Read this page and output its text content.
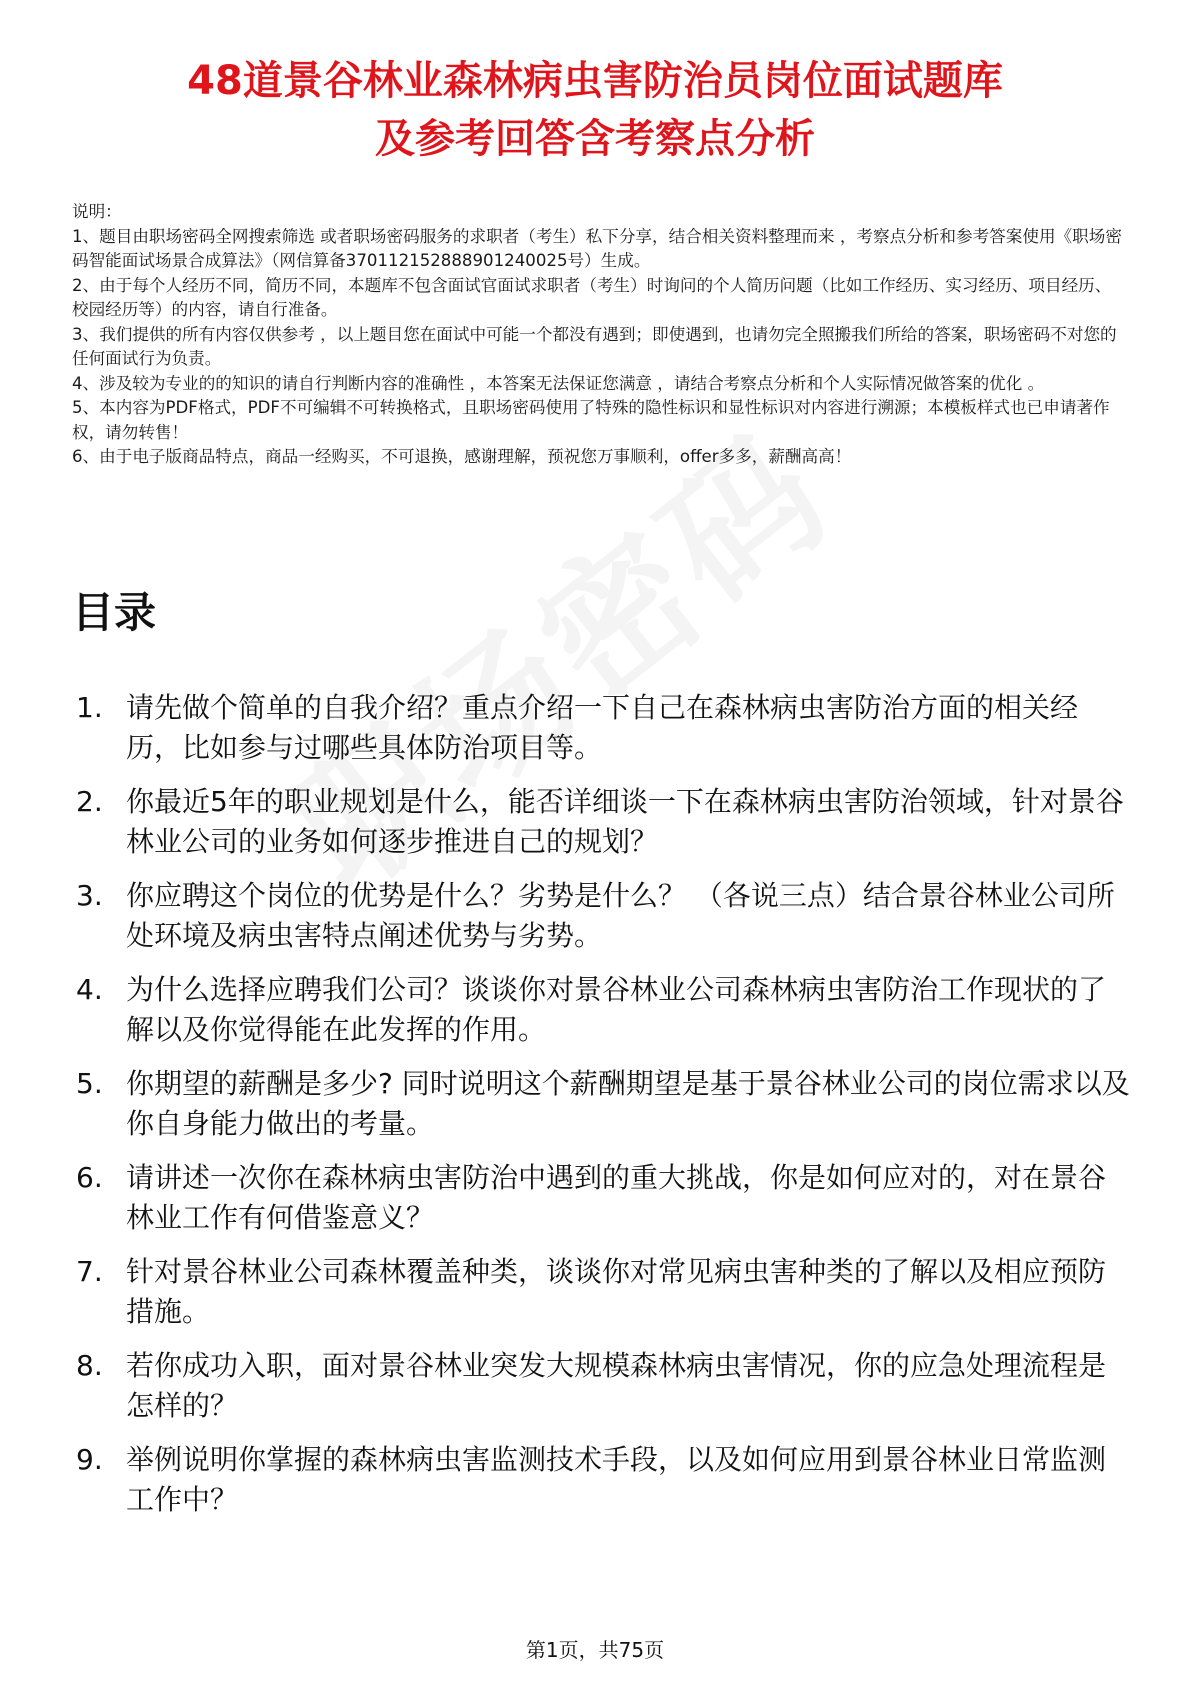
48道景谷林业森林病虫害防治员岗位面试题库
及参考回答含考察点分析

说明：

1、题目由职场密码全网搜索筛选 或者职场密码服务的求职者（考生）私下分享，结合相关资料整理而来 ，考察点分析和参考答案使用《职场密码智能面试场景合成算法》（网信算备370112152888901240025号）生成。

2、由于每个人经历不同，简历不同，本题库不包含面试官面试求职者（考生）时询问的个人简历问题（比如工作经历、实习经历、项目经历、校园经历等）的内容，请自行准备。

3、我们提供的所有内容仅供参考 ，以上题目您在面试中可能一个都没有遇到；即使遇到，也请勿完全照搬我们所给的答案，职场密码不对您的任何面试行为负责。

4、涉及较为专业的的知识的请自行判断内容的准确性 ，本答案无法保证您满意 ，请结合考察点分析和个人实际情况做答案的优化 。

5、本内容为PDF格式，PDF不可编辑不可转换格式，且职场密码使用了特殊的隐性标识和显性标识对内容进行溯源；本模板样式也已申请著作权，请勿转售！

6、由于电子版商品特点，商品一经购买，不可退换，感谢理解，预祝您万事顺利，offer多多，薪酬高高！

目录
1. 请先做个简单的自我介绍？重点介绍一下自己在森林病虫害防治方面的相关经历，比如参与过哪些具体防治项目等。
2. 你最近5年的职业规划是什么，能否详细谈一下在森林病虫害防治领域，针对景谷林业公司的业务如何逐步推进自己的规划？
3. 你应聘这个岗位的优势是什么？劣势是什么？ （各说三点）结合景谷林业公司所处环境及病虫害特点阐述优势与劣势。
4. 为什么选择应聘我们公司？谈谈你对景谷林业公司森林病虫害防治工作现状的了解以及你觉得能在此发挥的作用。
5. 你期望的薪酬是多少? 同时说明这个薪酬期望是基于景谷林业公司的岗位需求以及你自身能力做出的考量。
6. 请讲述一次你在森林病虫害防治中遇到的重大挑战，你是如何应对的，对在景谷林业工作有何借鉴意义？
7. 针对景谷林业公司森林覆盖种类，谈谈你对常见病虫害种类的了解以及相应预防措施。
8. 若你成功入职，面对景谷林业突发大规模森林病虫害情况，你的应急处理流程是怎样的？
9. 举例说明你掌握的森林病虫害监测技术手段，以及如何应用到景谷林业日常监测工作中？
第1页，共75页
